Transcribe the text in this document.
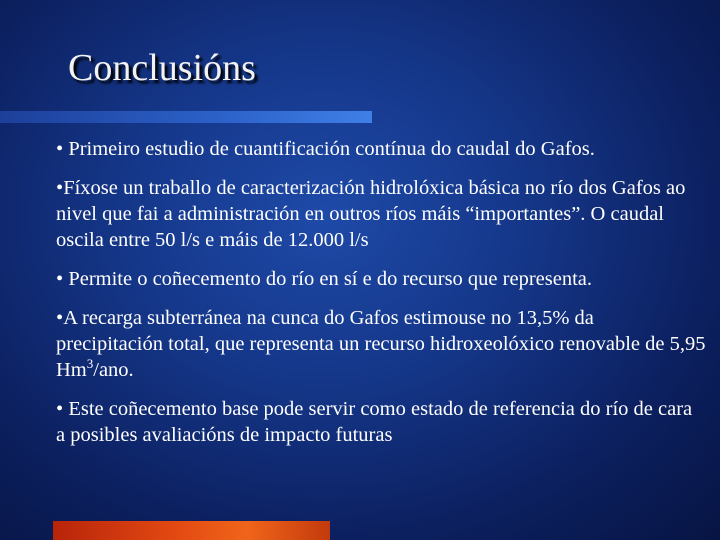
Conclusións
• Primeiro estudio de cuantificación contínua do caudal do Gafos.
•Fíxose un traballo de caracterización hidrolóxica básica no río dos Gafos ao nivel que fai a administración en outros ríos máis “importantes”. O caudal oscila entre 50 l/s e máis de 12.000 l/s
• Permite o coñecemento do río en sí e do recurso que representa.
•A recarga subterránea na cunca do Gafos estimouse no 13,5% da precipitación total, que representa un recurso hidroxeolóxico renovable de 5,95 Hm$^3$/ano.
• Este coñecemento base pode servir como estado de referencia do río de cara a posibles avaliacións de impacto futuras
